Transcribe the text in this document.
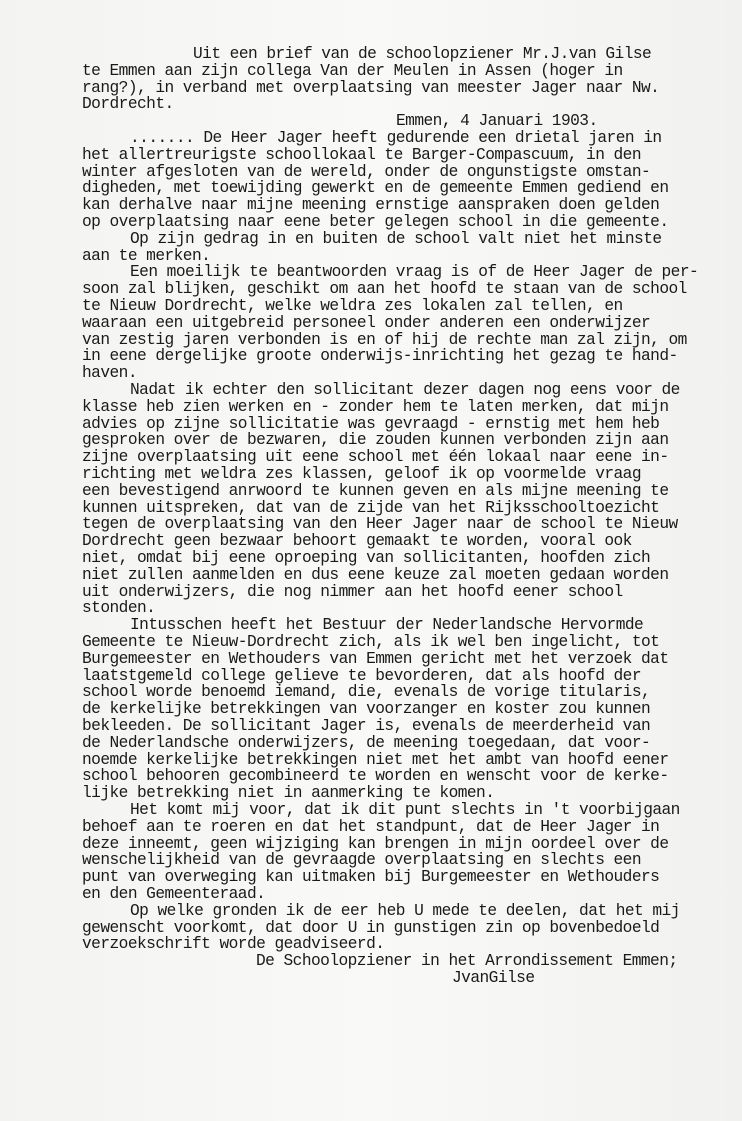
Uit een brief van de schoolopziener Mr.J.van Gilse
te Emmen aan zijn collega Van der Meulen in Assen (hoger in
rang?), in verband met overplaatsing van meester Jager naar Nw.
Dordrecht.
Emmen, 4 Januari 1903.
....... De Heer Jager heeft gedurende een drietal jaren in
het allertreurigste schoollokaal te Barger-Compascuum, in den
winter afgesloten van de wereld, onder de ongunstigste omstan-
digheden, met toewijding gewerkt en de gemeente Emmen gediend en
kan derhalve naar mijne meening ernstige aanspraken doen gelden
op overplaatsing naar eene beter gelegen school in die gemeente.
Op zijn gedrag in en buiten de school valt niet het minste
aan te merken.
Een moeilijk te beantwoorden vraag is of de Heer Jager de per-
soon zal blijken, geschikt om aan het hoofd te staan van de school
te Nieuw Dordrecht, welke weldra zes lokalen zal tellen, en
waaraan een uitgebreid personeel onder anderen een onderwijzer
van zestig jaren verbonden is en of hij de rechte man zal zijn, om
in eene dergelijke groote onderwijs-inrichting het gezag te hand-
haven.
Nadat ik echter den sollicitant dezer dagen nog eens voor de
klasse heb zien werken en - zonder hem te laten merken, dat mijn
advies op zijne sollicitatie was gevraagd - ernstig met hem heb
gesproken over de bezwaren, die zouden kunnen verbonden zijn aan
zijne overplaatsing uit eene school met één lokaal naar eene in-
richting met weldra zes klassen, geloof ik op voormelde vraag
een bevestigend anrwoord te kunnen geven en als mijne meening te
kunnen uitspreken, dat van de zijde van het Rijksschooltoezicht
tegen de overplaatsing van den Heer Jager naar de school te Nieuw
Dordrecht geen bezwaar behoort gemaakt te worden, vooral ook
niet, omdat bij eene oproeping van sollicitanten, hoofden zich
niet zullen aanmelden en dus eene keuze zal moeten gedaan worden
uit onderwijzers, die nog nimmer aan het hoofd eener school
stonden.
Intusschen heeft het Bestuur der Nederlandsche Hervormde
Gemeente te Nieuw-Dordrecht zich, als ik wel ben ingelicht, tot
Burgemeester en Wethouders van Emmen gericht met het verzoek dat
laatstgemeld college gelieve te bevorderen, dat als hoofd der
school worde benoemd iemand, die, evenals de vorige titularis,
de kerkelijke betrekkingen van voorzanger en koster zou kunnen
bekleeden. De sollicitant Jager is, evenals de meerderheid van
de Nederlandsche onderwijzers, de meening toegedaan, dat voor-
noemde kerkelijke betrekkingen niet met het ambt van hoofd eener
school behooren gecombineerd te worden en wenscht voor de kerke-
lijke betrekking niet in aanmerking te komen.
Het komt mij voor, dat ik dit punt slechts in 't voorbijgaan
behoef aan te roeren en dat het standpunt, dat de Heer Jager in
deze inneemt, geen wijziging kan brengen in mijn oordeel over de
wenschelijkheid van de gevraagde overplaatsing en slechts een
punt van overweging kan uitmaken bij Burgemeester en Wethouders
en den Gemeenteraad.
Op welke gronden ik de eer heb U mede te deelen, dat het mij
gewenscht voorkomt, dat door U in gunstigen zin op bovenbedoeld
verzoekschrift worde geadviseerd.
De Schoolopziener in het Arrondissement Emmen;
JvanGilse
